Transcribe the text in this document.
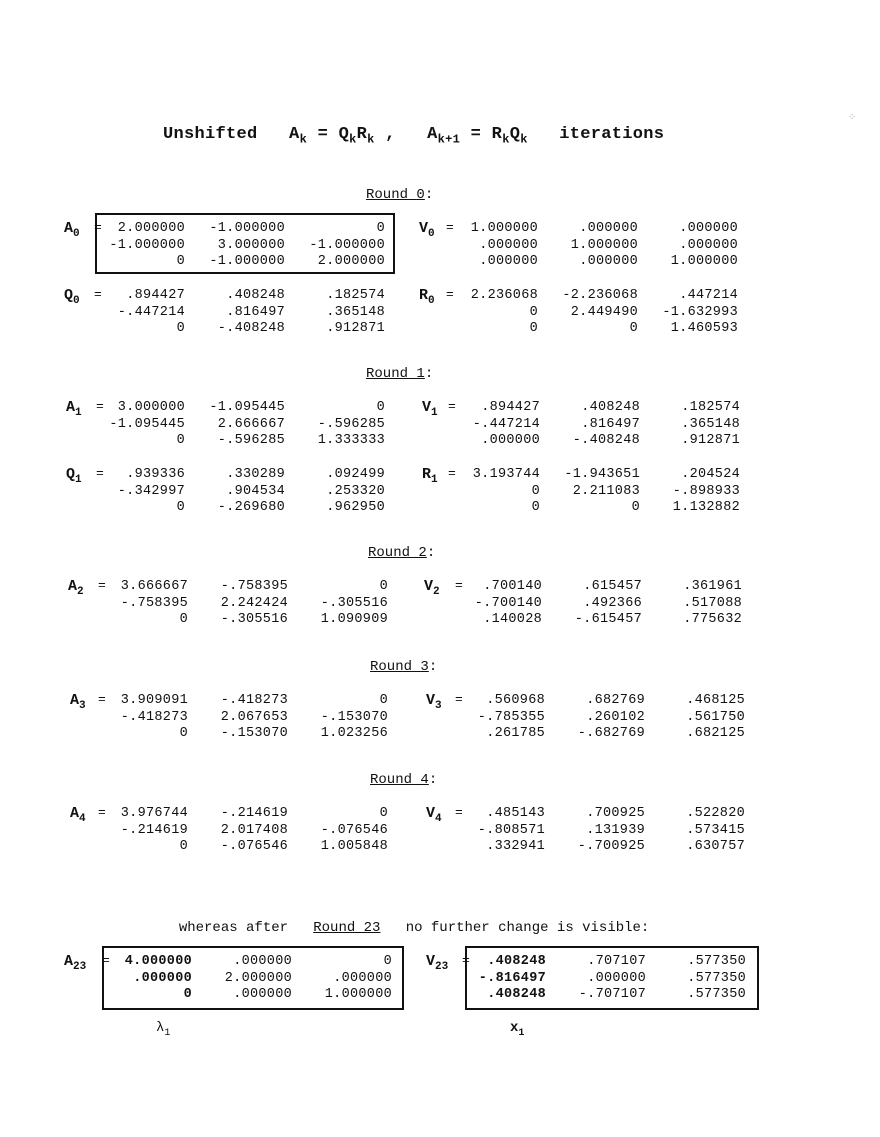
Unshifted $A_k = Q_kR_k$ ,   $A_{k+1} = R_kQ_k$ iterations

Round 0:
Round 1:
Round 2:
Round 3:
Round 4:
$A_0$ =	2.000000	-1.000000	0
-1.000000	3.000000	-1.000000
0	-1.000000	2.000000
$V_0$ =	1.000000	.000000	.000000
.000000	1.000000	.000000
.000000	.000000	1.000000
$Q_0$ =	.894427	.408248	.182574
-.447214	.816497	.365148
0	-.408248	.912871
$R_0$ =	2.236068	-2.236068	.447214
0	2.449490	-1.632993
0	0	1.460593
$A_1$ =	3.000000	-1.095445	0
-1.095445	2.666667	-.596285
0	-.596285	1.333333
$V_1$ =	.894427	.408248	.182574
-.447214	.816497	.365148
.000000	-.408248	.912871
$Q_1$ =	.939336	.330289	.092499
-.342997	.904534	.253320
0	-.269680	.962950
$R_1$ =	3.193744	-1.943651	.204524
0	2.211083	-.898933
0	0	1.132882
$A_2$ =	3.666667	-.758395	0
-.758395	2.242424	-.305516
0	-.305516	1.090909
$V_2$ =	.700140	.615457	.361961
-.700140	.492366	.517088
.140028	-.615457	.775632
$A_3$ =	3.909091	-.418273	0
-.418273	2.067653	-.153070
0	-.153070	1.023256
$V_3$ =	.560968	.682769	.468125
-.785355	.260102	.561750
.261785	-.682769	.682125
$A_4$ =	3.976744	-.214619	0
-.214619	2.017408	-.076546
0	-.076546	1.005848
$V_4$ =	.485143	.700925	.522820
-.808571	.131939	.573415
.332941	-.700925	.630757
$A_{23}$ =	4.000000	.000000	0
.000000	2.000000	.000000
0	.000000	1.000000
$V_{23}$ =	.408248	.707107	.577350
-.816497	.000000	.577350
.408248	-.707107	.577350

whereas after Round 23 no further change is visible:

$\lambda_1$	$x_1$
⁘
